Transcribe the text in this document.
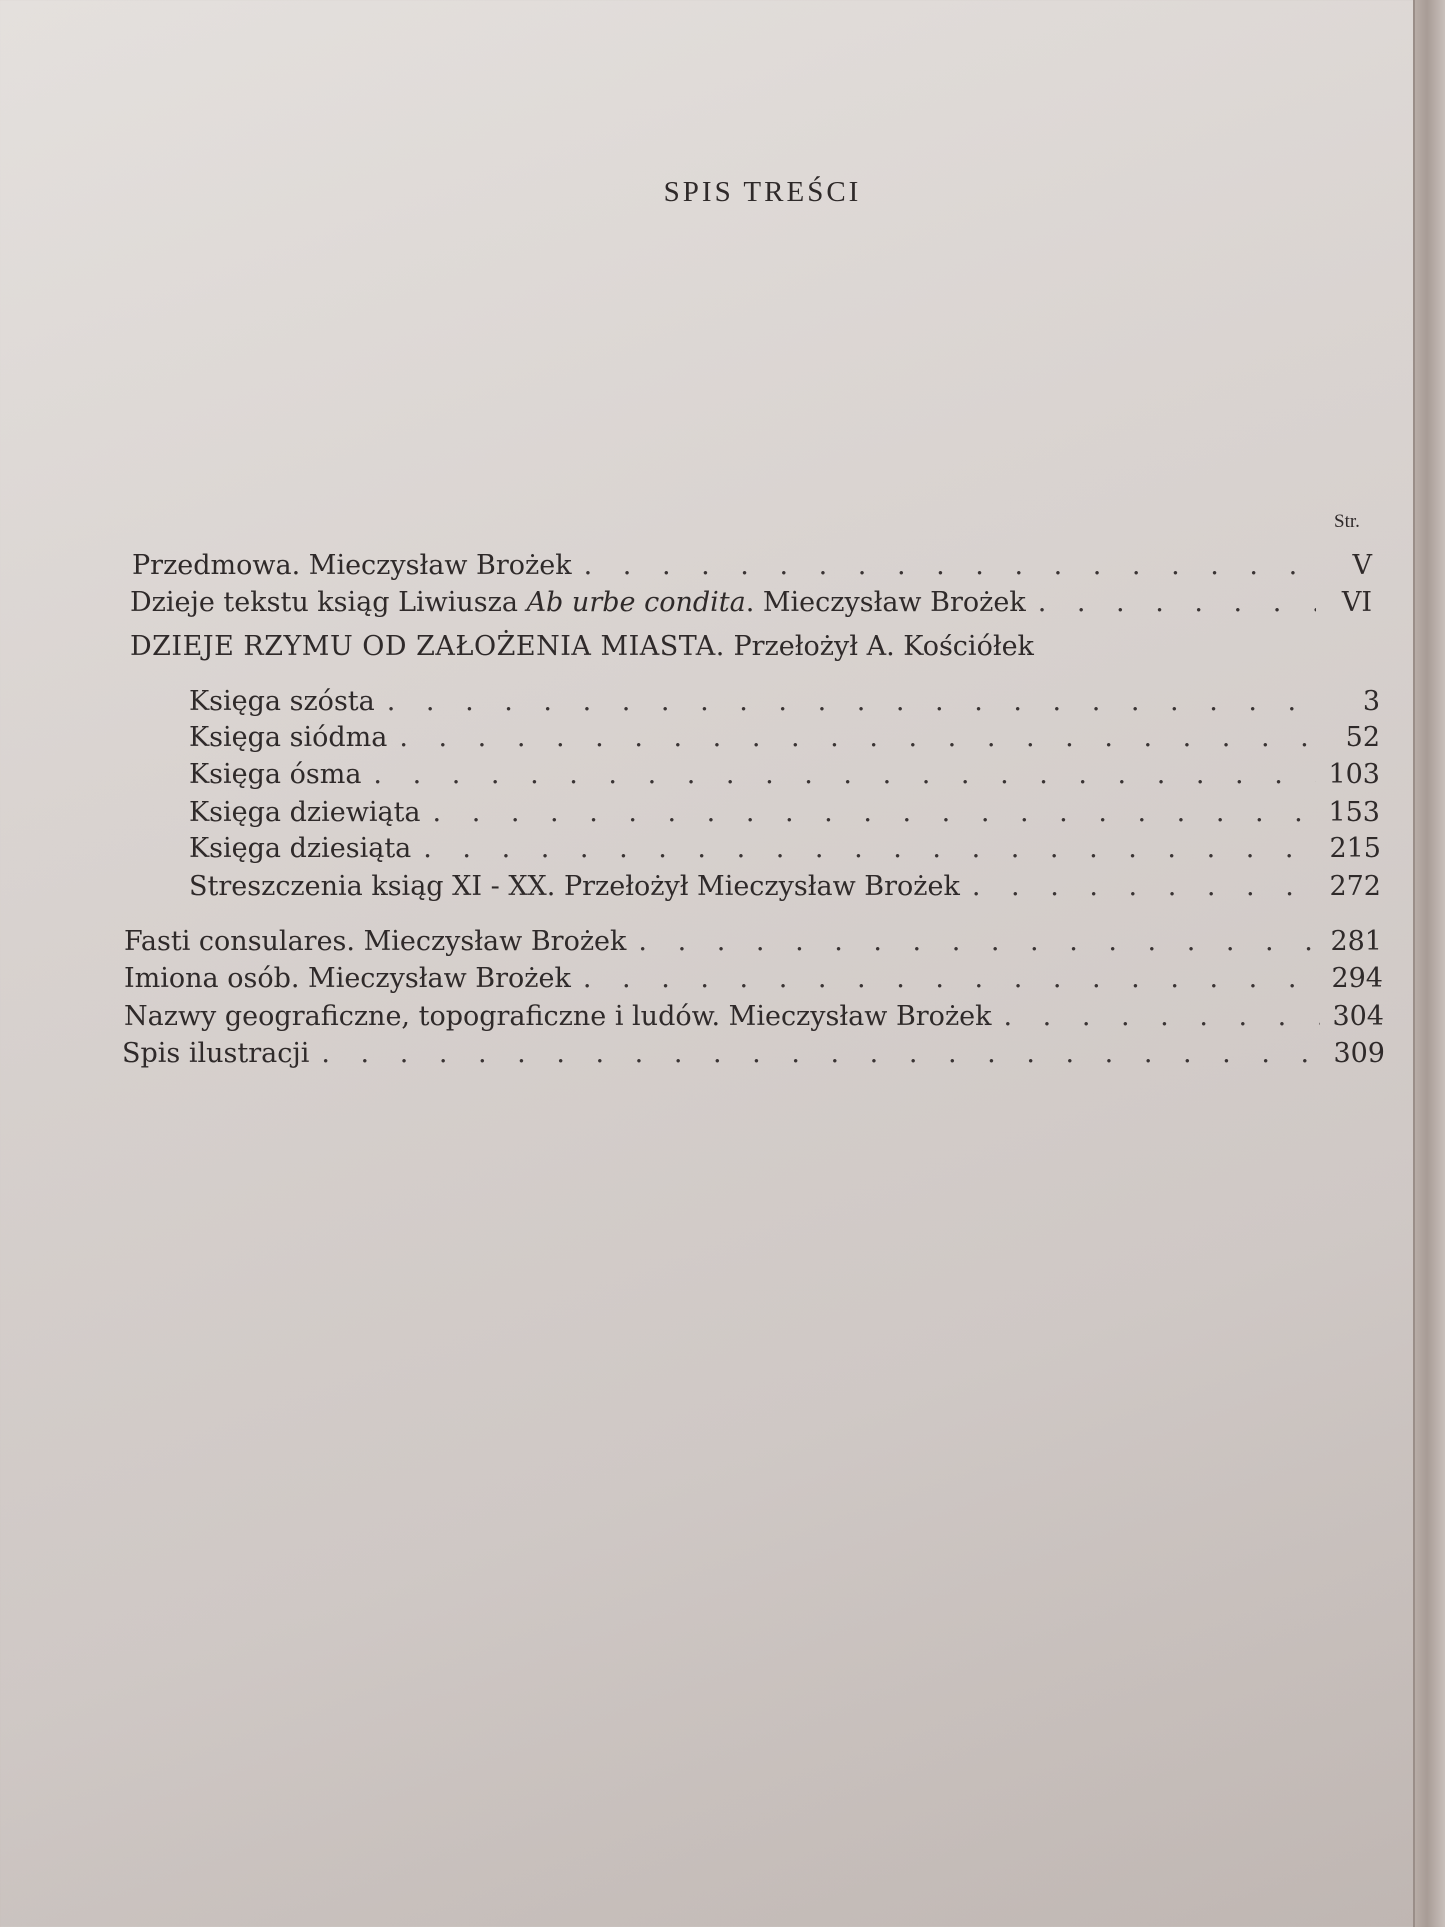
SPIS TREŚCI
Str.
Przedmowa. Mieczysław Brożek . . .	V
Dzieje tekstu ksiąg Liwiusza Ab urbe condita. Mieczysław Brożek . . .	VI
DZIEJE RZYMU OD ZAŁOŻENIA MIASTA. Przełożył A. Kościółek
Księga szósta . . .	3
Księga siódma . . .	52
Księga ósma . . .	103
Księga dziewiąta . . .	153
Księga dziesiąta . . .	215
Streszczenia ksiąg XI - XX. Przełożył Mieczysław Brożek . . .	272
Fasti consulares. Mieczysław Brożek . . .	281
Imiona osób. Mieczysław Brożek . . .	294
Nazwy geograficzne, topograficzne i ludów. Mieczysław Brożek . . .	304
Spis ilustracji . . .	309
